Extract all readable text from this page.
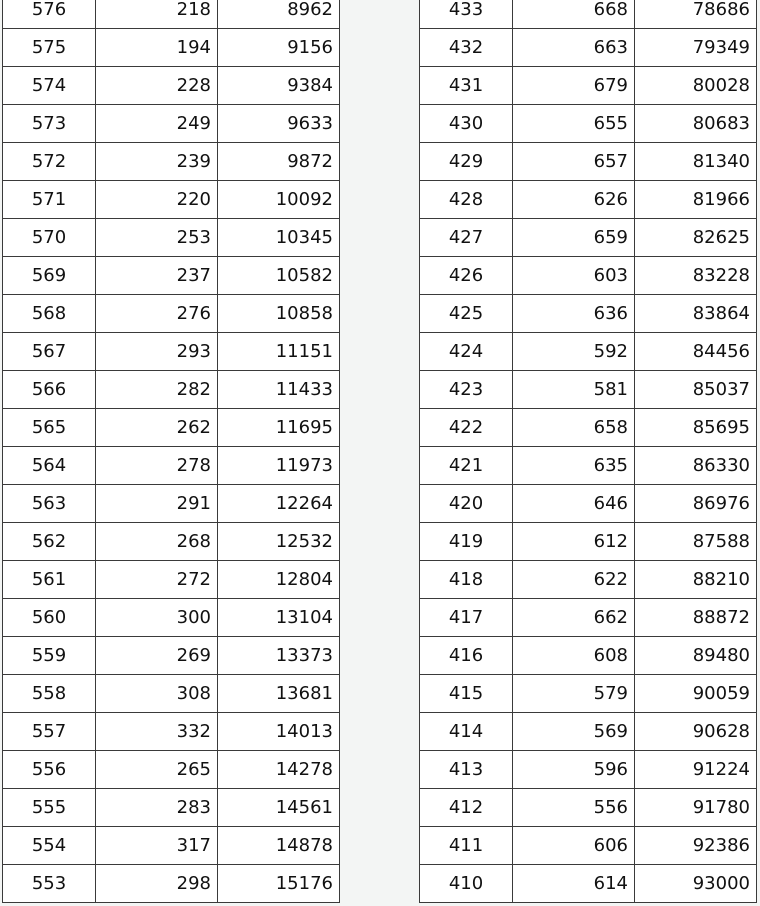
576	218	8962
575	194	9156
574	228	9384
573	249	9633
572	239	9872
571	220	10092
570	253	10345
569	237	10582
568	276	10858
567	293	11151
566	282	11433
565	262	11695
564	278	11973
563	291	12264
562	268	12532
561	272	12804
560	300	13104
559	269	13373
558	308	13681
557	332	14013
556	265	14278
555	283	14561
554	317	14878
553	298	15176
433	668	78686
432	663	79349
431	679	80028
430	655	80683
429	657	81340
428	626	81966
427	659	82625
426	603	83228
425	636	83864
424	592	84456
423	581	85037
422	658	85695
421	635	86330
420	646	86976
419	612	87588
418	622	88210
417	662	88872
416	608	89480
415	579	90059
414	569	90628
413	596	91224
412	556	91780
411	606	92386
410	614	93000
